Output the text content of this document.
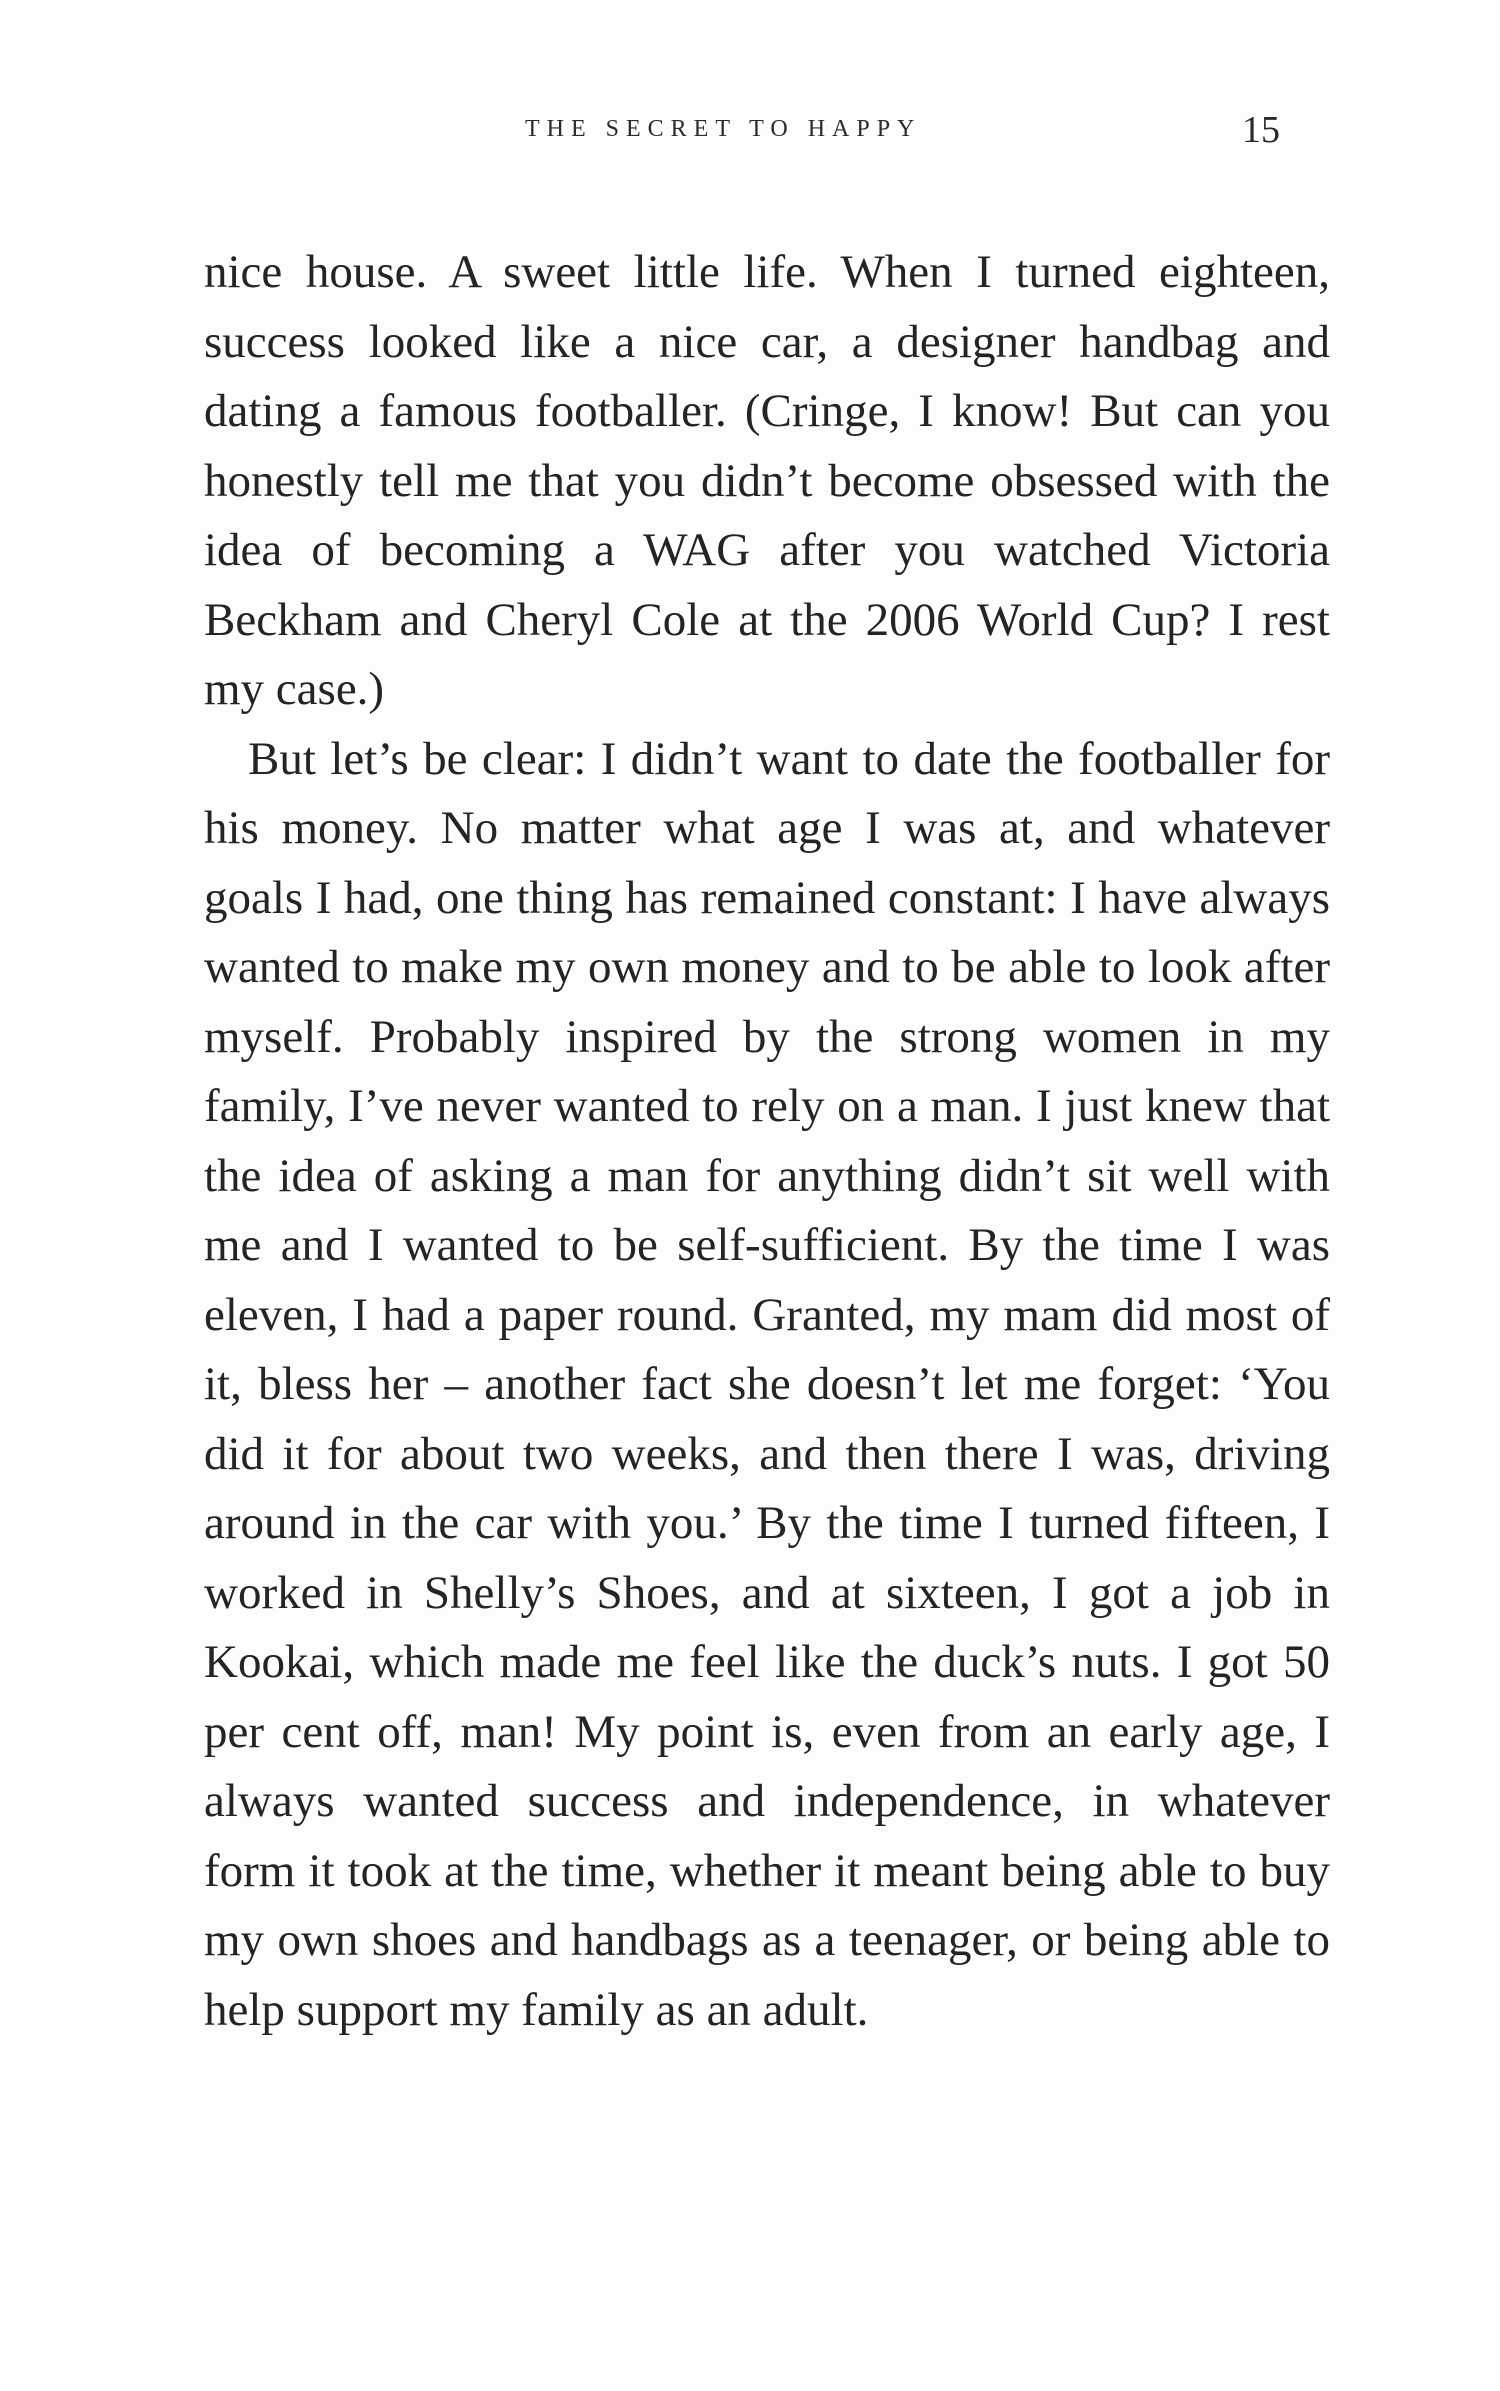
THE SECRET TO HAPPY	15

nice house. A sweet little life. When I turned eighteen, success looked like a nice car, a designer handbag and dating a famous footballer. (Cringe, I know! But can you honestly tell me that you didn’t become obsessed with the idea of becoming a WAG after you watched Victoria Beckham and Cheryl Cole at the 2006 World Cup? I rest my case.)

But let’s be clear: I didn’t want to date the footballer for his money. No matter what age I was at, and whatever goals I had, one thing has remained constant: I have always wanted to make my own money and to be able to look after myself. Probably inspired by the strong women in my family, I’ve never wanted to rely on a man. I just knew that the idea of asking a man for anything didn’t sit well with me and I wanted to be self-sufficient. By the time I was eleven, I had a paper round. Granted, my mam did most of it, bless her – another fact she doesn’t let me forget: ‘You did it for about two weeks, and then there I was, driving around in the car with you.’ By the time I turned fifteen, I worked in Shelly’s Shoes, and at sixteen, I got a job in Kookai, which made me feel like the duck’s nuts. I got 50 per cent off, man! My point is, even from an early age, I always wanted success and independence, in whatever form it took at the time, whether it meant being able to buy my own shoes and handbags as a teenager, or being able to help support my family as an adult.
